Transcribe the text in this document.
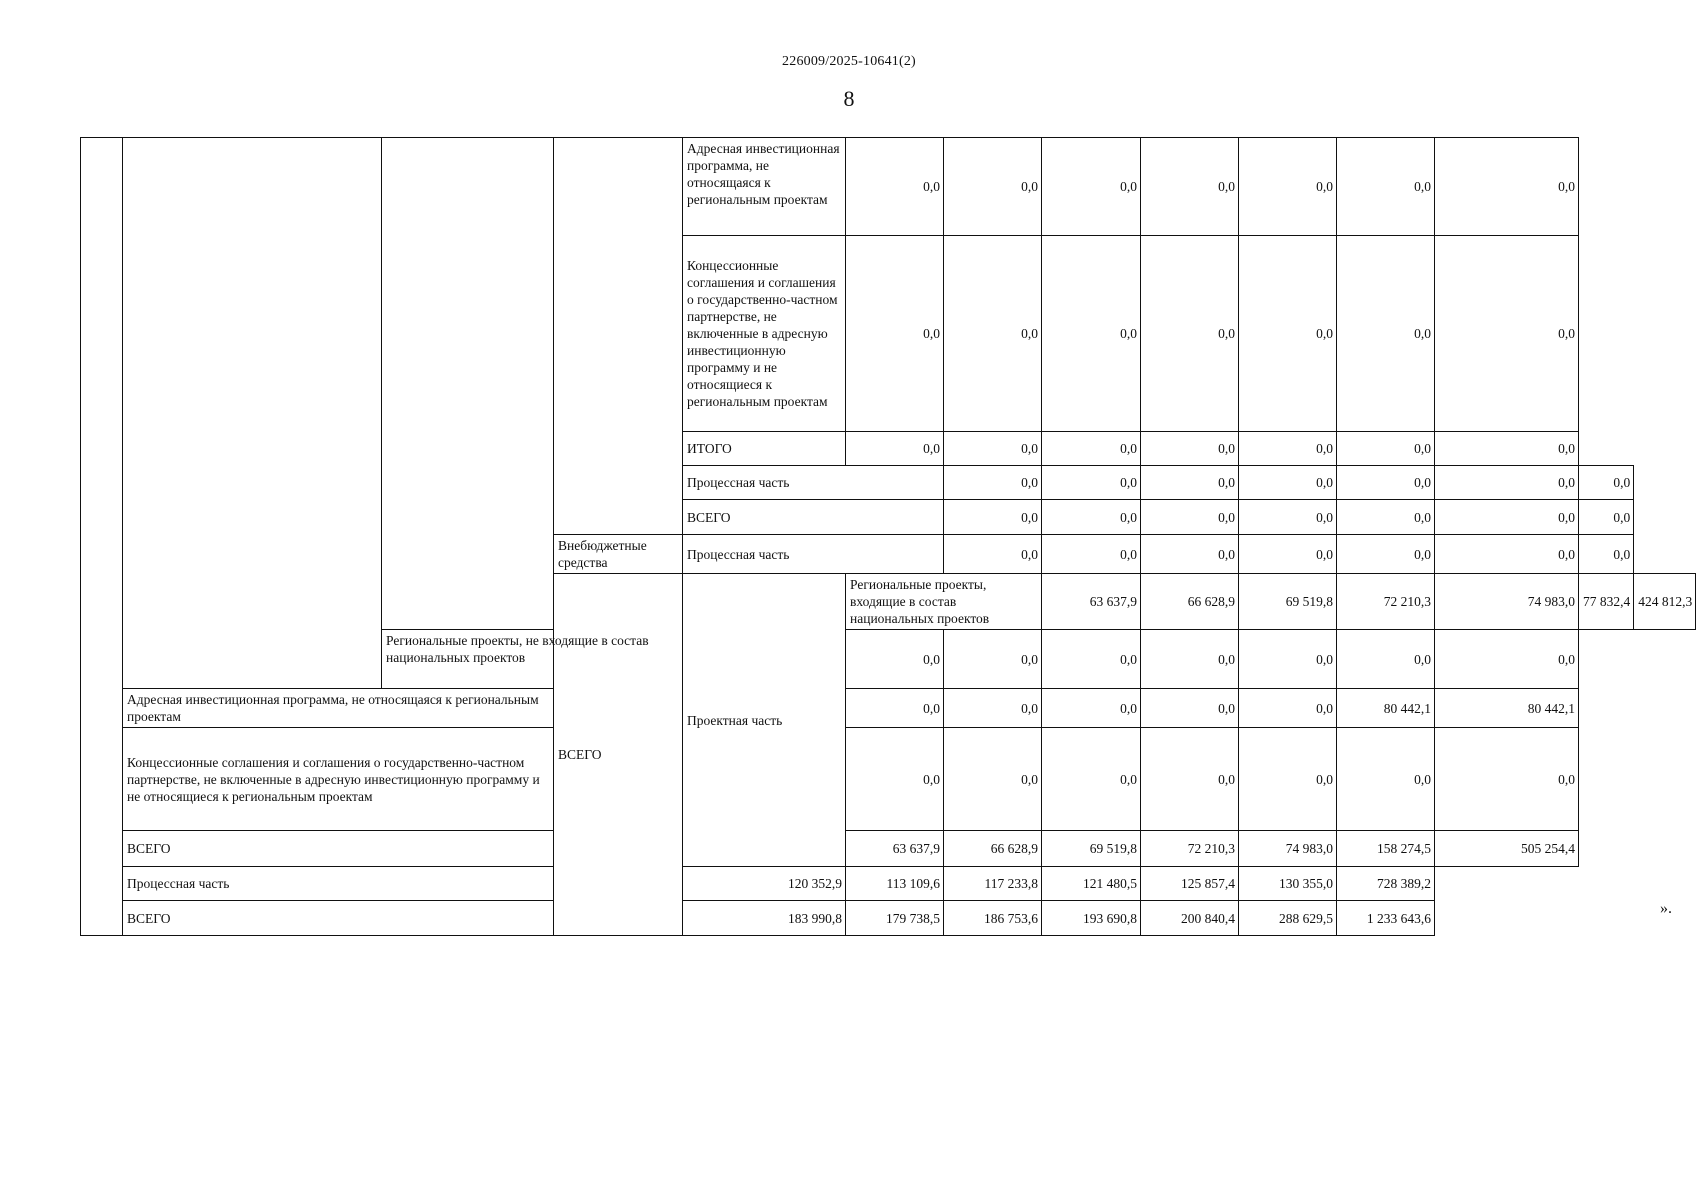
226009/2025-10641(2)
8
				Адресная инвестиционная программа, не относящаяся к региональным проектам	0,0	0,0	0,0	0,0	0,0	0,0	0,0		
				Концессионные соглашения и соглашения о государственно-частном партнерстве, не включенные в адресную инвестиционную программу и не относящиеся к региональным проектам	0,0	0,0	0,0	0,0	0,0	0,0	0,0		
				ИТОГО	0,0	0,0	0,0	0,0	0,0	0,0	0,0		
				Процессная часть		0,0	0,0	0,0	0,0	0,0	0,0	0,0	
				ВСЕГО		0,0	0,0	0,0	0,0	0,0	0,0	0,0	
			Внебюджетные средства	Процессная часть		0,0	0,0	0,0	0,0	0,0	0,0	0,0	
			ВСЕГО	Проектная часть	Региональные проекты, входящие в состав национальных проектов		63 637,9	66 628,9	69 519,8	72 210,3	74 983,0	77 832,4	424 812,3
		Региональные проекты, не входящие в состав национальных проектов			0,0	0,0	0,0	0,0	0,0	0,0	0,0		
	Адресная инвестиционная программа, не относящаяся к региональным проектам				0,0	0,0	0,0	0,0	0,0	80 442,1	80 442,1		
	Концессионные соглашения и соглашения о государственно-частном партнерстве, не включенные в адресную инвестиционную программу и не относящиеся к региональным проектам				0,0	0,0	0,0	0,0	0,0	0,0	0,0		
	ВСЕГО				63 637,9	66 628,9	69 519,8	72 210,3	74 983,0	158 274,5	505 254,4		
	Процессная часть			120 352,9	113 109,6	117 233,8	121 480,5	125 857,4	130 355,0	728 389,2			
	ВСЕГО			183 990,8	179 738,5	186 753,6	193 690,8	200 840,4	288 629,5	1 233 643,6			
».
